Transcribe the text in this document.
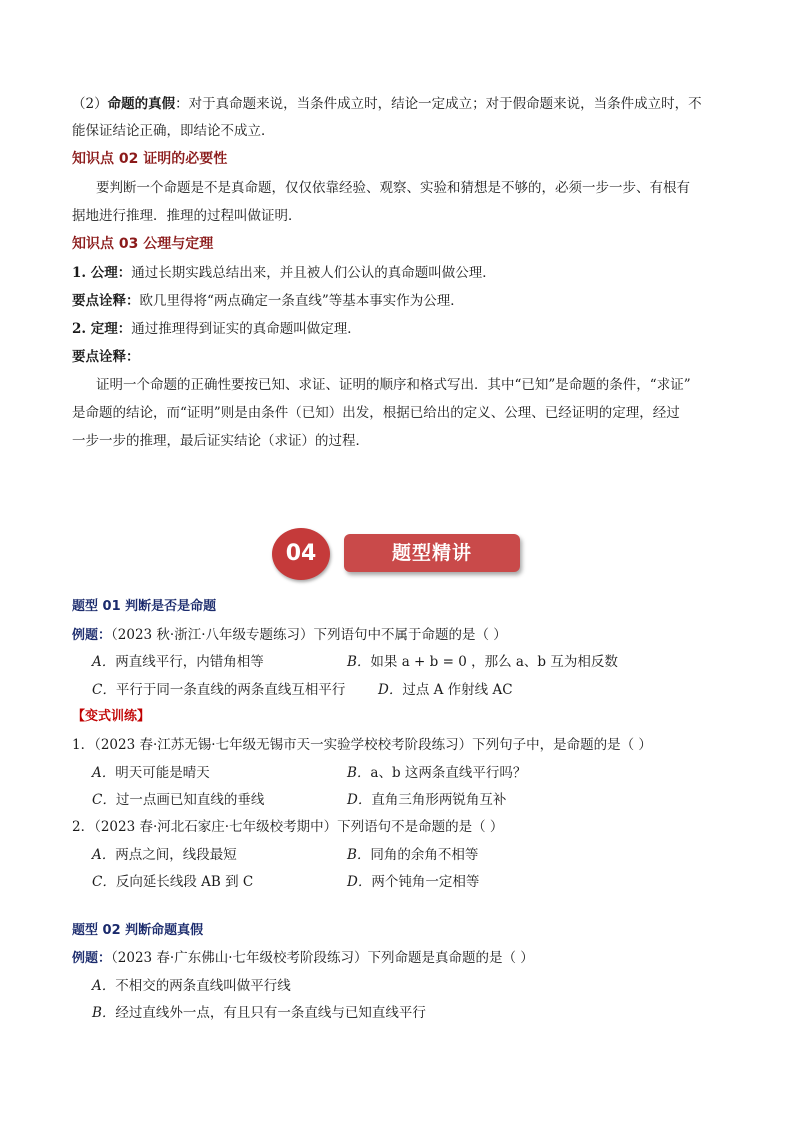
（2）命题的真假：对于真命题来说，当条件成立时，结论一定成立；对于假命题来说，当条件成立时，不
能保证结论正确，即结论不成立．
知识点 02 证明的必要性
要判断一个命题是不是真命题，仅仅依靠经验、观察、实验和猜想是不够的，必须一步一步、有根有
据地进行推理．推理的过程叫做证明．
知识点 03 公理与定理
1. 公理：通过长期实践总结出来，并且被人们公认的真命题叫做公理．
要点诠释：欧几里得将“两点确定一条直线”等基本事实作为公理．
2. 定理：通过推理得到证实的真命题叫做定理．
要点诠释：
证明一个命题的正确性要按已知、求证、证明的顺序和格式写出．其中“已知”是命题的条件，“求证”
是命题的结论，而“证明”则是由条件（已知）出发，根据已给出的定义、公理、已经证明的定理，经过
一步一步的推理，最后证实结论（求证）的过程．
04	题型精讲
题型 01 判断是否是命题
例题：（2023 秋·浙江·八年级专题练习）下列语句中不属于命题的是（ ）
A．两直线平行，内错角相等	B．如果 a + b = 0 ，那么 a、b 互为相反数
C．平行于同一条直线的两条直线互相平行 D．过点 A 作射线 AC
【变式训练】
1．（2023 春·江苏无锡·七年级无锡市天一实验学校校考阶段练习）下列句子中，是命题的是（ ）
A．明天可能是晴天	B．a、b 这两条直线平行吗？
C．过一点画已知直线的垂线	D．直角三角形两锐角互补
2．（2023 春·河北石家庄·七年级校考期中）下列语句不是命题的是（ ）
A．两点之间，线段最短	B．同角的余角不相等
C．反向延长线段 AB 到 C	D．两个钝角一定相等
题型 02 判断命题真假
例题：（2023 春·广东佛山·七年级校考阶段练习）下列命题是真命题的是（ ）
A．不相交的两条直线叫做平行线
B．经过直线外一点，有且只有一条直线与已知直线平行
